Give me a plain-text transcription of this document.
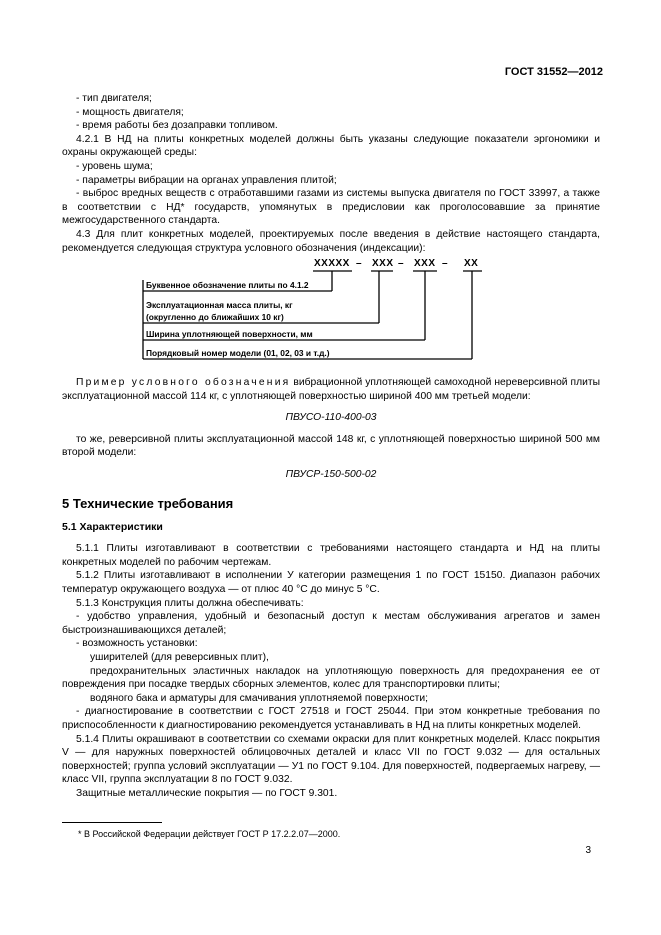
ГОСТ 31552—2012

- тип двигателя;

- мощность двигателя;

- время работы без дозаправки топливом.

4.2.1 В НД на плиты конкретных моделей должны быть указаны следующие показатели эргономики и охраны окружающей среды:

- уровень шума;

- параметры вибрации на органах управления плитой;

- выброс вредных веществ с отработавшими газами из системы выпуска двигателя по ГОСТ 33997, а также в соответствии с НД* государств, упомянутых в предисловии как проголосовавшие за принятие межгосударственного стандарта.

4.3 Для плит конкретных моделей, проектируемых после введения в действие настоящего стандарта, рекомендуется следующая структура условного обозначения (индексации):

ХХХХХ – ХХХ – ХХХ – ХХ
Буквенное обозначение плиты по 4.1.2
Эксплуатационная масса плиты, кг
(округленно до ближайших 10 кг)
Ширина уплотняющей поверхности, мм
Порядковый номер модели (01, 02, 03 и т.д.)

Пример условного обозначения вибрационной уплотняющей самоходной нереверсивной плиты эксплуатационной массой 114 кг, с уплотняющей поверхностью шириной 400 мм третьей модели:

ПВУСО-110-400-03

то же, реверсивной плиты эксплуатационной массой 148 кг, с уплотняющей поверхностью шириной 500 мм второй модели:

ПВУСР-150-500-02

5 Технические требования

5.1 Характеристики

5.1.1 Плиты изготавливают в соответствии с требованиями настоящего стандарта и НД на плиты конкретных моделей по рабочим чертежам.

5.1.2 Плиты изготавливают в исполнении У категории размещения 1 по ГОСТ 15150. Диапазон рабочих температур окружающего воздуха — от плюс 40 °С до минус 5 °С.

5.1.3 Конструкция плиты должна обеспечивать:

- удобство управления, удобный и безопасный доступ к местам обслуживания агрегатов и замен быстроизнашивающихся деталей;

- возможность установки:

уширителей (для реверсивных плит),

предохранительных эластичных накладок на уплотняющую поверхность для предохранения ее от повреждения при посадке твердых сборных элементов, колес для транспортировки плиты;

водяного бака и арматуры для смачивания уплотняемой поверхности;

- диагностирование в соответствии с ГОСТ 27518 и ГОСТ 25044. При этом конкретные требования по приспособленности к диагностированию рекомендуется устанавливать в НД на плиты конкретных моделей.

5.1.4 Плиты окрашивают в соответствии со схемами окраски для плит конкретных моделей. Класс покрытия V — для наружных поверхностей облицовочных деталей и класс VII по ГОСТ 9.032 — для остальных поверхностей; группа условий эксплуатации — У1 по ГОСТ 9.104. Для поверхностей, подвергаемых нагреву, — класс VII, группа эксплуатации 8 по ГОСТ 9.032.

Защитные металлические покрытия — по ГОСТ 9.301.

* В Российской Федерации действует ГОСТ Р 17.2.2.07—2000.
3
